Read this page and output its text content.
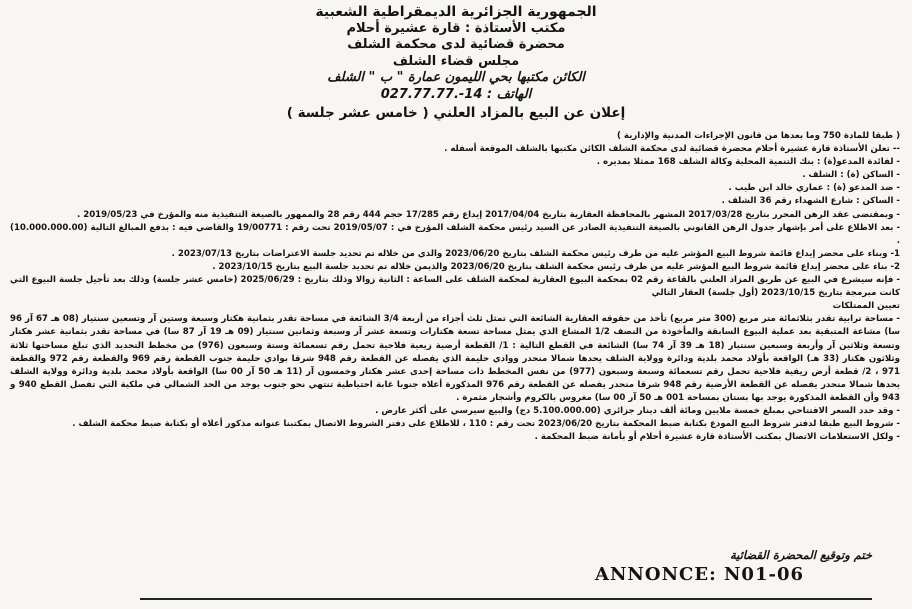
الجمهورية الجزائرية الديمقراطية الشعبية
مكتب الأستاذة : قارة عشيرة أحلام
محضرة قضائية لدى محكمة الشلف
مجلس قضاء الشلف
الكائن مكتبها بحي الليمون عمارة " ب " الشلف
الهاتف : 14-027.77.77.
إعلان عن البيع بالمزاد العلني ( خامس عشر جلسة )

( طبقا للمادة 750 وما بعدها من قانون الإجراءات المدنية والإدارية )

-- تعلن الأستاذة قارة عشيرة أحلام محضرة قضائية لدى محكمة الشلف الكائن مكتبها بالشلف الموقعة أسفله .

- لفائدة المدعو(ة) : بنك التنمية المحلية وكالة الشلف 168 ممثلا بمديره .

- الساكن (ة) : الشلف .

- ضد المدعو (ة) : عماري خالد ابن طيب .

- الساكن : شارع الشهداء رقم 36 الشلف .

- وبمقتضى عقد الرهن المحرر بتاريخ 2017/03/28 المشهر بالمحافظة العقارية بتاريخ 2017/04/04 إيداع رقم 17/285 حجم 444 رقم 28 والممهور بالصيغة التنفيذية منه والمؤرخ في 2019/05/23 .

- بعد الاطلاع على أمر بإشهار جدول الرهن القانوني بالصيغة التنفيذية الصادر عن السيد رئيس محكمة الشلف المؤرخ في : 2019/05/07 تحت رقم : 19/00771 والقاضي فيه : بدفع المبالغ التالية (10.000.000.00) .

1- وبناء على محضر إيداع قائمة شروط البيع المؤشر عليه من طرف رئيس محكمة الشلف بتاريخ 2023/06/20 والذي من خلاله تم تحديد جلسة الاعتراضات بتاريخ 2023/07/13 .

2- بناء على محضر إيداع قائمة شروط البيع المؤشر عليه من طرف رئيس محكمة الشلف بتاريخ 2023/06/20 والذيمن خلاله تم تحديد جلسة البيع بتاريخ 2023/10/15 .

- فإنه سيشرع في البيع عن طريق المزاد العلني بالقاعة رقم 02 بمحكمة البيوع العقارية لمحكمة الشلف على الساعة : الثانية زوالا وذلك بتاريخ : 2025/06/29 (خامس عشر جلسة) وذلك بعد تأجيل جلسة البيوع التي كانت مبرمجة بتاريخ 2023/10/15 (أول جلسة) العقار التالي

تعيين الممتلكات

- مساحة ترابية تقدر بثلاثمائة متر مربع (300 متر مربع) تأخذ من حقوقه العقارية الشائعة التي تمثل ثلث أجزاء من أربعة 3/4 الشائعة في مساحة تقدر بثمانية هكتار وسبعة وستين آر وتسعين سنتيار (08 هـ 67 آر 96 سا) مشاعة المتبقية بعد عملية البيوع السابقة والمأخوذة من النصف 1/2 المشاع الذي يمثل مساحة تسعة هكتارات وتسعة عشر آر وسبعة وثمانين سنتيار (09 هـ 19 آر 87 سا) في مساحة تقدر بثمانية عشر هكتار وتسعة وثلاثين آر وأربعة وسبعين سنتيار (18 هـ 39 آر 74 سا) الشائعة في القطع التالية : 1/ القطعة أرضية زيعية فلاحية تحمل رقم تسعمائة وستة وسبعون (976) من مخطط التحديد الذي تبلغ مساحتها ثلاثة وثلاثون هكتار (33 هـ) الواقعة بأولاد محمد بلدية ودائرة وولاية الشلف يحدها شمالا منحدر ووادي حليمة الذي يفصله عن القطعة رقم 948 شرقا بوادي حليمة جنوب القطعة رقم 969 والقطعة رقم 972 والقطعة 971 ، 2/ قطعة أرض ريفية فلاحية تحمل رقم تسعمائة وسبعة وسبعون (977) من نفس المخطط ذات مساحة إحدى عشر هكتار وخمسون آر (11 هـ 50 آر 00 سا) الواقعة بأولاد محمد بلدية ودائرة وولاية الشلف يحدها شمالا منحدر يفصله عن القطعة الأرضية رقم 948 شرقا منحدر يفصله عن القطعة رقم 976 المذكورة أعلاه جنوبا غابة احتياطية تنتهي نحو جنوب يوجد من الحد الشمالي في ملكية التي تفصل القطع 940 و 943 وأن القطعة المذكورة يوجد بها بستان بمساحة 001 هـ 50 آر 00 سا) مغروس بالكروم وأشجار مثمرة .

- وقد حدد السعر الافتتاحي بمبلغ خمسة ملايين ومائة ألف دينار جزائري (5.100.000.00 دج) والبيع سيرسي على أكثر عارض .

- شروط البيع طبقا لدفتر شروط البيع المودع بكتابة ضبط المحكمة بتاريخ 2023/06/20 تحت رقم : 110 ، للاطلاع على دفتر الشروط الاتصال بمكتبنا عنوانه مذكور أعلاه أو بكتابة ضبط محكمة الشلف .

- ولكل الاستعلامات الاتصال بمكتب الأستاذة قارة عشيرة أحلام أو بأمانة ضبط المحكمة .

ختم وتوقيع المحضرة القضائية
ANNONCE: N01-06
